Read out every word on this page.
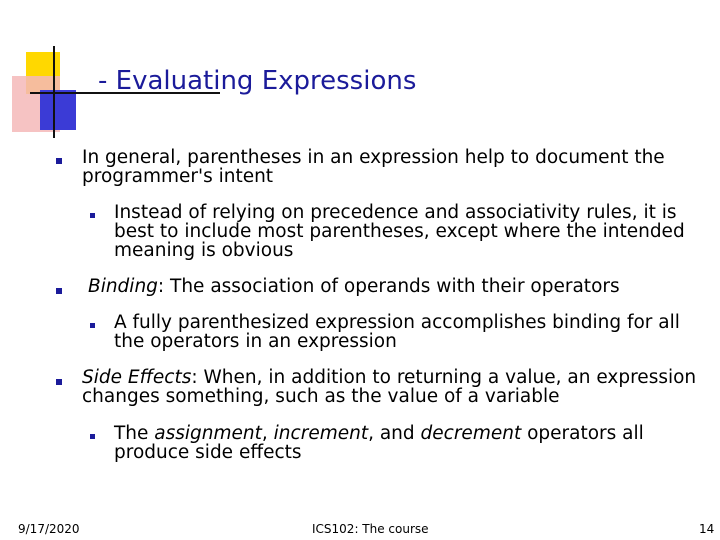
- Evaluating Expressions
In general, parentheses in an expression help to document the
programmer's intent
Instead of relying on precedence and associativity rules, it is
best to include most parentheses, except where the intended
meaning is obvious
Binding: The association of operands with their operators
A fully parenthesized expression accomplishes binding for all
the operators in an expression
Side Effects: When, in addition to returning a value, an expression
changes something, such as the value of a variable
The assignment, increment, and decrement operators all
produce side effects
9/17/2020	ICS102: The course	14
